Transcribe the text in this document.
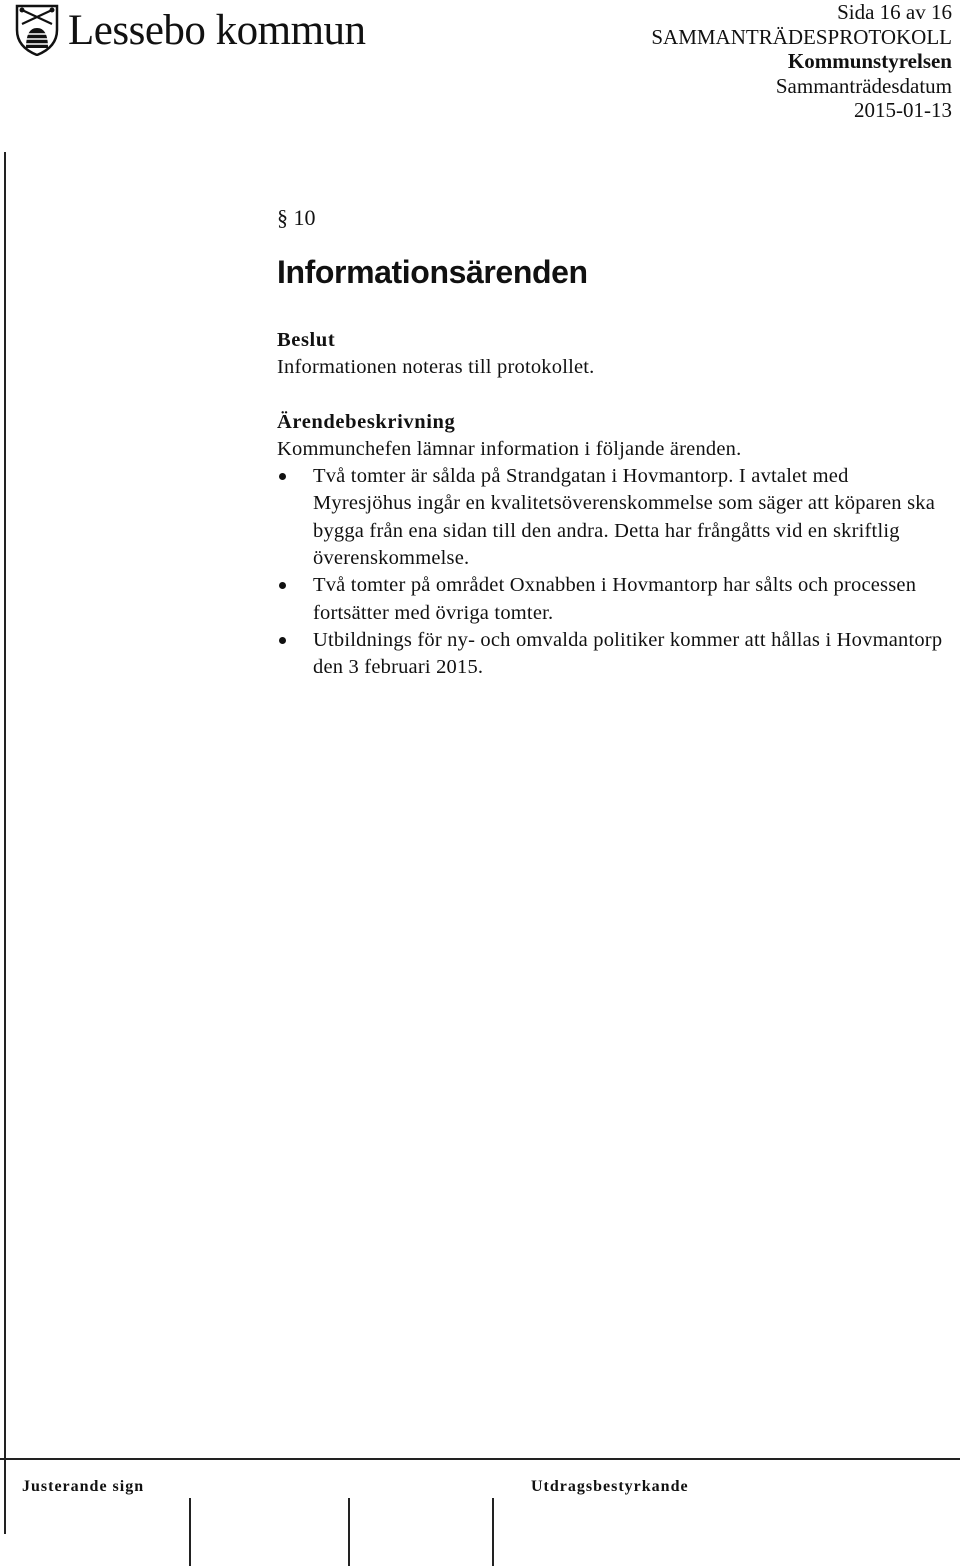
Lessebo kommun	Sida 16 av 16
SAMMANTRÄDESPROTOKOLL
Kommunstyrelsen
Sammanträdesdatum
2015-01-13
§ 10
Informationsärenden
Beslut
Informationen noteras till protokollet.
Ärendebeskrivning
Kommunchefen lämnar information i följande ärenden.
Två tomter är sålda på Strandgatan i Hovmantorp. I avtalet med Myresjöhus ingår en kvalitetsöverenskommelse som säger att köparen ska bygga från ena sidan till den andra. Detta har frångåtts vid en skriftlig överenskommelse.
Två tomter på området Oxnabben i Hovmantorp har sålts och processen fortsätter med övriga tomter.
Utbildnings för ny- och omvalda politiker kommer att hållas i Hovmantorp den 3 februari 2015.
Justerande sign	Utdragsbestyrkande
